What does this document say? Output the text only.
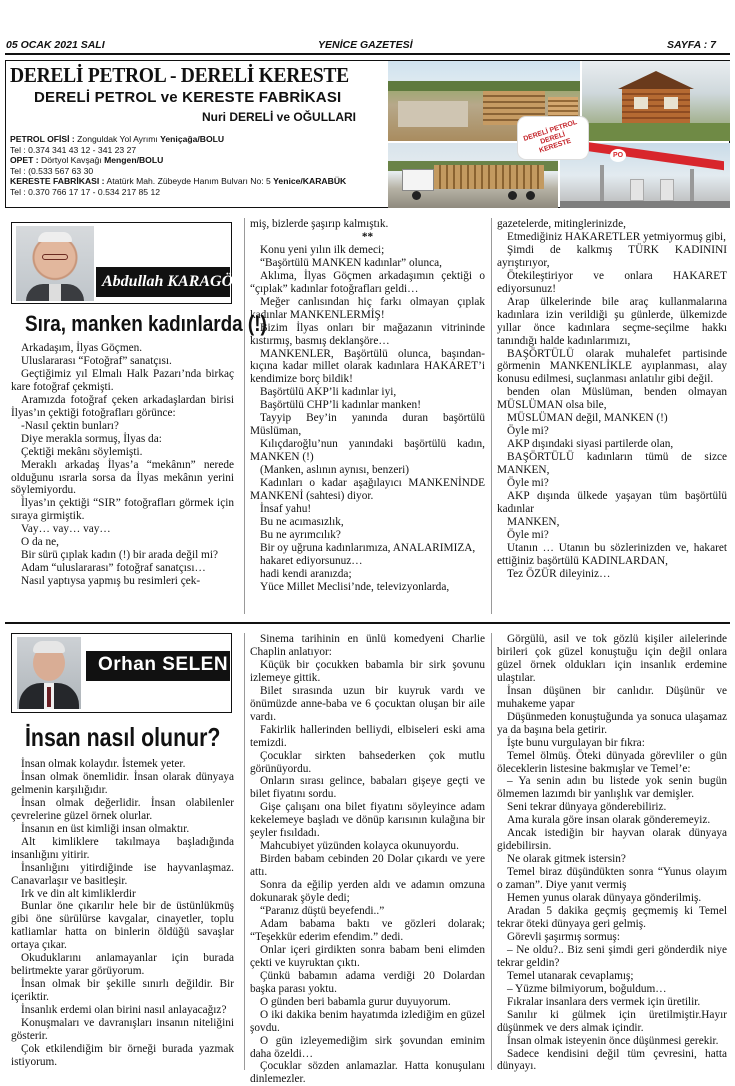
05 OCAK 2021 SALI	YENİCE GAZETESİ	SAYFA : 7
DERELİ PETROL - DERELİ KERESTE
DERELİ PETROL ve KERESTE FABRİKASI
Nuri DERELİ ve OĞULLARI
PETROL OFİSİ : Zonguldak Yol Ayrımı Yeniçağa/BOLU
Tel : 0.374 341 43 12 - 341 23 27
OPET : Dörtyol Kavşağı Mengen/BOLU
Tel : (0.533 567 63 30
KERESTE FABRİKASI : Atatürk Mah. Zübeyde Hanım Bulvarı No: 5 Yenice/KARABÜK
Tel : 0.370 766 17 17 - 0.534 217 85 12
PO
DERELİ PETROL DERELİ KERESTE
Abdullah KARAGÖZ
Sıra, manken kadınlarda (!)

Arkadaşım, İlyas Göçmen.

Uluslararası “Fotoğraf” sanatçısı.

Geçtiğimiz yıl Elmalı Halk Pazarı’nda birkaç kare fotoğraf çekmişti.

Aramızda fotoğraf çeken arkadaşlardan birisi İlyas’ın çektiği fotoğrafları görünce:

-Nasıl çektin bunları?

Diye merakla sormuş, İlyas da:

Çektiği mekânı söylemişti.

Meraklı arkadaş İlyas’a “mekânın” nerede olduğunu ısrarla sorsa da İlyas mekânın yerini söylemiyordu.

İlyas’ın çektiği “SIR” fotoğrafları görmek için sıraya girmiştik.

Vay… vay… vay…

O da ne,

Bir sürü çıplak kadın (!) bir arada değil mi?

Adam “uluslararası” fotoğraf sanatçısı…

Nasıl yaptıysa yapmış bu resimleri çek-

miş, bizlerde şaşırıp kalmıştık.

**

Konu yeni yılın ilk demeci;

“Başörtülü MANKEN kadınlar” olunca,

Aklıma, İlyas Göçmen arkadaşımın çektiği o “çıplak” kadınlar fotoğrafları geldi…

Meğer canlısından hiç farkı olmayan çıplak kadınlar MANKENLERMİŞ!

Bizim İlyas onları bir mağazanın vitrininde kıstırmış, basmış deklanşöre…

MANKENLER, Başörtülü olunca, başından-kıçına kadar millet olarak kadınlara HAKARET’i kendimize borç bildik!

Başörtülü AKP’li kadınlar iyi,

Başörtülü CHP’li kadınlar manken!

Tayyip Bey’in yanında duran başörtülü Müslüman,

Kılıçdaroğlu’nun yanındaki başörtülü kadın, MANKEN (!)

(Manken, aslının aynısı, benzeri)

Kadınları o kadar aşağılayıcı MANKENİNDE MANKENİ (sahtesi) diyor.

İnsaf yahu!

Bu ne acımasızlık,

Bu ne ayrımcılık?

Bir oy uğruna kadınlarımıza, ANALARIMIZA,

hakaret ediyorsunuz…

hadi kendi aranızda;

Yüce Millet Meclisi’nde, televizyonlarda,

gazetelerde, mitinglerinizde,

Etmediğiniz HAKARETLER yetmiyormuş gibi,

Şimdi de kalkmış TÜRK KADININI ayrıştırıyor,

Ötekileştiriyor ve onlara HAKARET ediyorsunuz!

Arap ülkelerinde bile araç kullanmalarına kadınlara izin verildiği şu günlerde, ülkemizde yıllar önce kadınlara seçme-seçilme hakkı tanındığı halde kadınlarımızı,

BAŞÖRTÜLÜ olarak muhalefet partisinde görmenin MANKENLİKLE ayıplanması, alay konusu edilmesi, suçlanması anlatılır gibi değil.

benden olan Müslüman, benden olmayan MÜSLÜMAN olsa bile,

MÜSLÜMAN değil, MANKEN (!)

Öyle mi?

AKP dışındaki siyasi partilerde olan,

BAŞÖRTÜLÜ kadınların tümü de sizce MANKEN,

Öyle mi?

AKP dışında ülkede yaşayan tüm başörtülü kadınlar

MANKEN,

Öyle mi?

Utanın … Utanın bu sözlerinizden ve, hakaret ettiğiniz başörtülü KADINLARDAN,

Tez ÖZÜR dileyiniz…

Orhan SELEN
İnsan nasıl olunur?

İnsan olmak kolaydır. İstemek yeter.

İnsan olmak önemlidir. İnsan olarak dünyaya gelmenin karşılığıdır.

İnsan olmak değerlidir. İnsan olabilenler çevrelerine güzel örnek olurlar.

İnsanın en üst kimliği insan olmaktır.

Alt kimliklere takılmaya başladığında insanlığını yitirir.

İnsanlığını yitirdiğinde ise hayvanlaşmaz. Canavarlaşır ve basitleşir.

Irk ve din alt kimliklerdir

Bunlar öne çıkarılır hele bir de üstünlükmüş gibi öne sürülürse kavgalar, cinayetler, toplu katliamlar hatta on binlerin öldüğü savaşlar ortaya çıkar.

Okuduklarını anlamayanlar için burada belirtmekte yarar görüyorum.

İnsan olmak bir şekille sınırlı değildir. Bir içeriktir.

İnsanlık erdemi olan birini nasıl anlayacağız?

Konuşmaları ve davranışları insanın niteliğini gösterir.

Çok etkilendiğim bir örneği burada yazmak istiyorum.

Sinema tarihinin en ünlü komedyeni Charlie Chaplin anlatıyor:

Küçük bir çocukken babamla bir sirk şovunu izlemeye gittik.

Bilet sırasında uzun bir kuyruk vardı ve önümüzde anne-baba ve 6 çocuktan oluşan bir aile vardı.

Fakirlik hallerinden belliydi, elbiseleri eski ama temizdi.

Çocuklar sirkten bahsederken çok mutlu görünüyordu.

Onların sırası gelince, babaları gişeye geçti ve bilet fiyatını sordu.

Gişe çalışanı ona bilet fiyatını söyleyince adam kekelemeye başladı ve dönüp karısının kulağına bir şeyler fısıldadı.

Mahcubiyet yüzünden kolayca okunuyordu.

Birden babam cebinden 20 Dolar çıkardı ve yere attı.

Sonra da eğilip yerden aldı ve adamın omzuna dokunarak şöyle dedi;

“Paranız düştü beyefendi..”

Adam babama baktı ve gözleri dolarak; “Teşekkür ederim efendim.” dedi.

Onlar içeri girdikten sonra babam beni elimden çekti ve kuyruktan çıktı.

Çünkü babamın adama verdiği 20 Dolardan başka parası yoktu.

O günden beri babamla gurur duyuyorum.

O iki dakika benim hayatımda izlediğim en güzel şovdu.

O gün izleyemediğim sirk şovundan eminim daha özeldi…

Çocuklar sözden anlamazlar. Hatta konuşulanı dinlemezler.

Görgülü, asil ve tok gözlü kişiler ailelerinde birileri çok güzel konuştuğu için değil onlara güzel örnek oldukları için insanlık erdemine ulaştılar.

İnsan düşünen bir canlıdır. Düşünür ve muhakeme yapar

Düşünmeden konuştuğunda ya sonuca ulaşamaz ya da başına bela getirir.

İşte bunu vurgulayan bir fıkra:

Temel ölmüş. Öteki dünyada görevliler o gün öleceklerin listesine bakmışlar ve Temel’e:

– Ya senin adın bu listede yok senin bugün ölmemen lazımdı bir yanlışlık var demişler.

Seni tekrar dünyaya gönderebiliriz.

Ama kurala göre insan olarak gönderemeyiz.

Ancak istediğin bir hayvan olarak dünyaya gidebilirsin.

Ne olarak gitmek istersin?

Temel biraz düşündükten sonra “Yunus olayım o zaman”. Diye yanıt vermiş

Hemen yunus olarak dünyaya gönderilmiş.

Aradan 5 dakika geçmiş geçmemiş ki Temel tekrar öteki dünyaya geri gelmiş.

Görevli şaşırmış sormuş:

– Ne oldu?.. Biz seni şimdi geri gönderdik niye tekrar geldin?

Temel utanarak cevaplamış;

– Yüzme bilmiyorum, boğuldum…

Fıkralar insanlara ders vermek için üretilir.

Sanılır ki gülmek için üretilmiştir.Hayır düşünmek ve ders almak içindir.

İnsan olmak isteyenin önce düşünmesi gerekir.

Sadece kendisini değil tüm çevresini, hatta dünyayı.
